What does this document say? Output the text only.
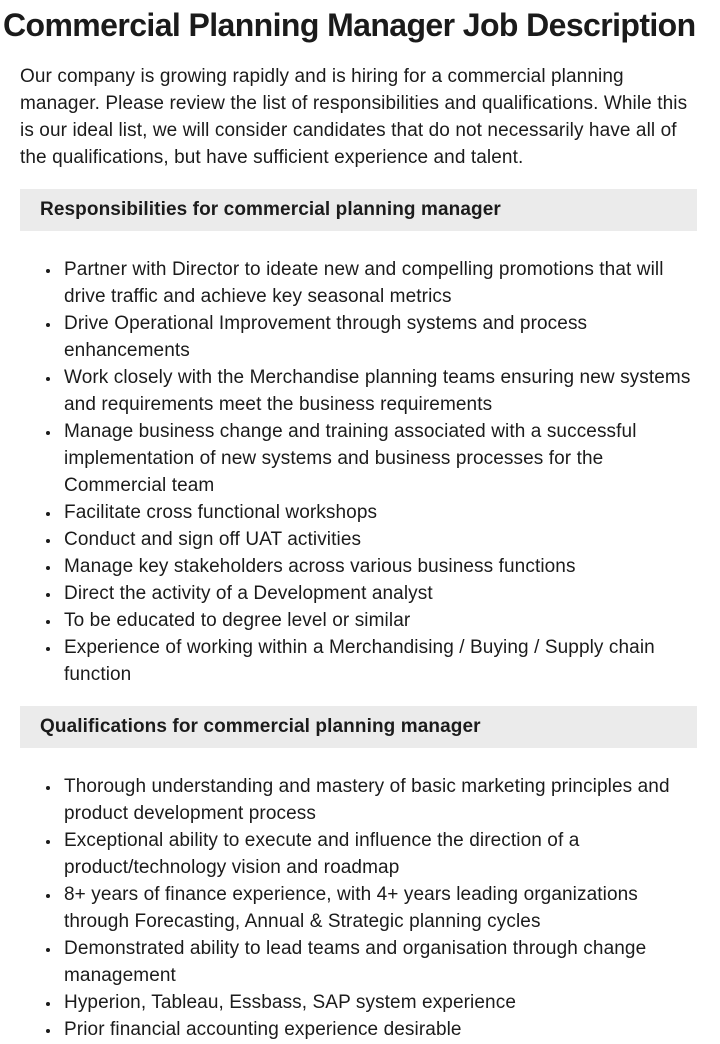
Commercial Planning Manager Job Description

Our company is growing rapidly and is hiring for a commercial planning manager. Please review the list of responsibilities and qualifications. While this is our ideal list, we will consider candidates that do not necessarily have all of the qualifications, but have sufficient experience and talent.

Responsibilities for commercial planning manager
• Partner with Director to ideate new and compelling promotions that will drive traffic and achieve key seasonal metrics
• Drive Operational Improvement through systems and process enhancements
• Work closely with the Merchandise planning teams ensuring new systems and requirements meet the business requirements
• Manage business change and training associated with a successful implementation of new systems and business processes for the Commercial team
• Facilitate cross functional workshops
• Conduct and sign off UAT activities
• Manage key stakeholders across various business functions
• Direct the activity of a Development analyst
• To be educated to degree level or similar
• Experience of working within a Merchandising / Buying / Supply chain function
Qualifications for commercial planning manager
• Thorough understanding and mastery of basic marketing principles and product development process
• Exceptional ability to execute and influence the direction of a product/technology vision and roadmap
• 8+ years of finance experience, with 4+ years leading organizations through Forecasting, Annual & Strategic planning cycles
• Demonstrated ability to lead teams and organisation through change management
• Hyperion, Tableau, Essbass, SAP system experience
• Prior financial accounting experience desirable
